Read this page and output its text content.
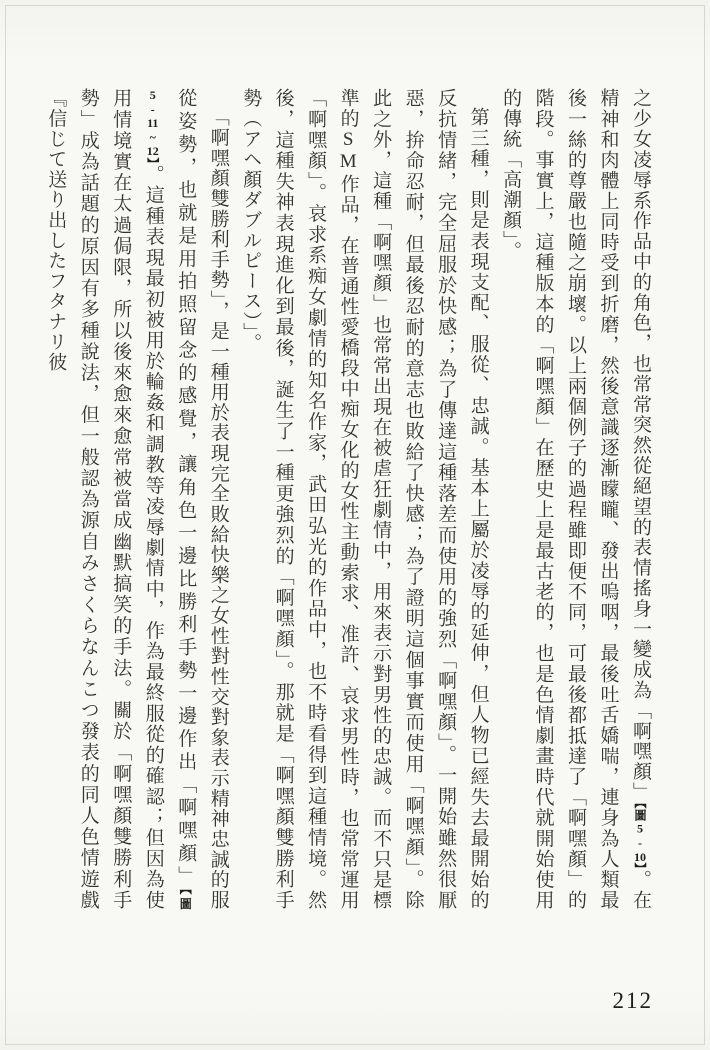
之少女凌辱系作品中的角色，也常常突然從絕望的表情搖身一變成為「啊嘿顏」【圖5-10】。在精神和肉體上同時受到折磨，然後意識逐漸矇矓、發出嗚咽，最後吐舌嬌喘，連身為人類最後一絲的尊嚴也隨之崩壞。以上兩個例子的過程雖即便不同，可最後都抵達了「啊嘿顏」的階段。事實上，這種版本的「啊嘿顏」在歷史上是最古老的，也是色情劇畫時代就開始使用的傳統「高潮顏」。

第三種，則是表現支配、服從、忠誠。基本上屬於凌辱的延伸，但人物已經失去最開始的反抗情緒，完全屈服於快感；為了傳達這種落差而使用的強烈「啊嘿顏」。一開始雖然很厭惡，拚命忍耐，但最後忍耐的意志也敗給了快感；為了證明這個事實而使用「啊嘿顏」。除此之外，這種「啊嘿顏」也常常出現在被虐狂劇情中，用來表示對男性的忠誠。而不只是標準的SM作品，在普通性愛橋段中痴女化的女性主動索求、准許、哀求男性時，也常常運用「啊嘿顏」。哀求系痴女劇情的知名作家，武田弘光的作品中，也不時看得到這種情境。然後，這種失神表現進化到最後，誕生了一種更強烈的「啊嘿顏」。那就是「啊嘿顏雙勝利手勢（アヘ顏ダブルピース）」。

「啊嘿顏雙勝利手勢」，是一種用於表現完全敗給快樂之女性對性交對象表示精神忠誠的服從姿勢，也就是用拍照留念的感覺，讓角色一邊比勝利手勢一邊作出「啊嘿顏」【圖5-11~12】。這種表現最初被用於輪姦和調教等凌辱劇情中，作為最終服從的確認；但因為使用情境實在太過侷限，所以後來愈來愈常被當成幽默搞笑的手法。關於「啊嘿顏雙勝利手勢」成為話題的原因有多種說法，但一般認為源自みさくらなんこつ發表的同人色情遊戲『信じて送り出したフタナリ彼

212
